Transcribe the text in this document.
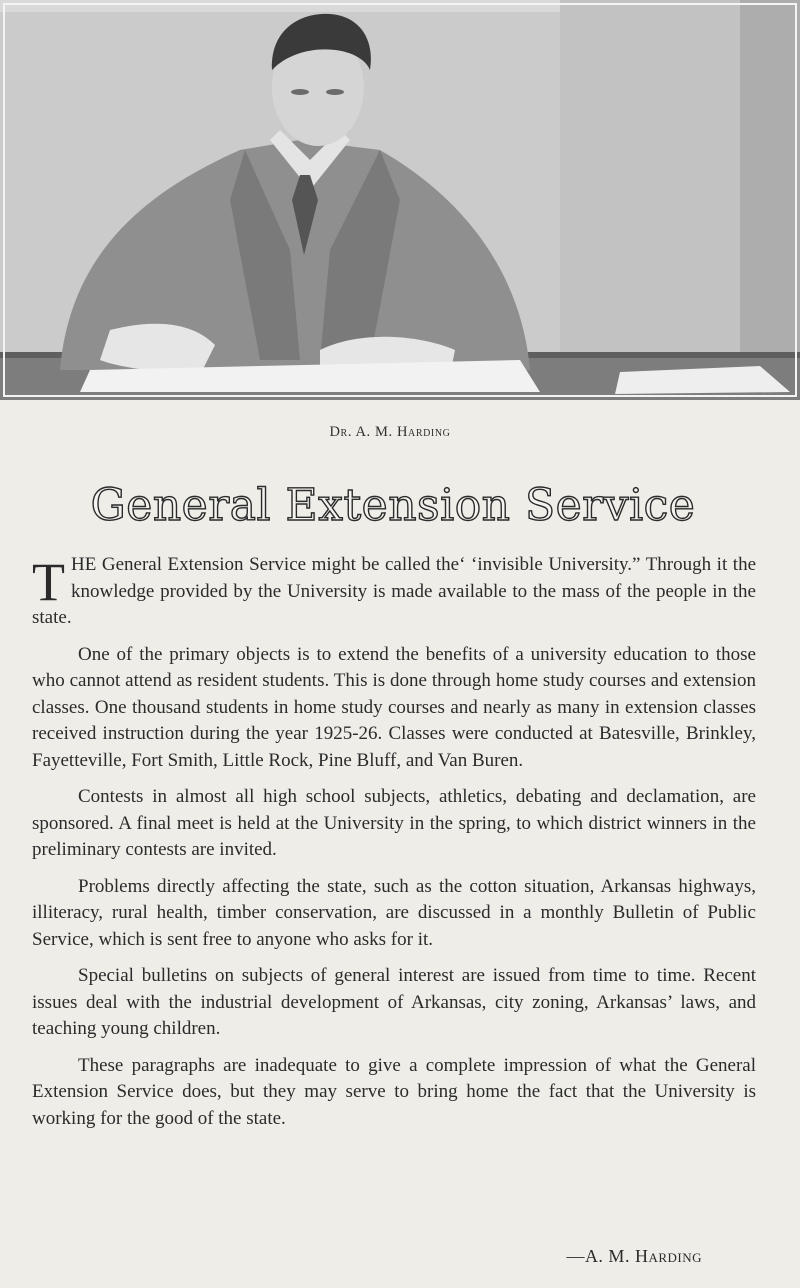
Dr. A. M. Harding
General Extension Service

THE General Extension Service might be called the‘ ‘invisible University.” Through it the knowledge provided by the University is made available to the mass of the people in the state.

One of the primary objects is to extend the benefits of a university education to those who cannot attend as resident students. This is done through home study courses and extension classes. One thousand students in home study courses and nearly as many in extension classes received instruction during the year 1925-26. Classes were conducted at Batesville, Brinkley, Fayetteville, Fort Smith, Little Rock, Pine Bluff, and Van Buren.

Contests in almost all high school subjects, athletics, debating and declamation, are sponsored. A final meet is held at the University in the spring, to which district winners in the preliminary contests are invited.

Problems directly affecting the state, such as the cotton situation, Arkansas highways, illiteracy, rural health, timber conservation, are discussed in a monthly Bulletin of Public Service, which is sent free to anyone who asks for it.

Special bulletins on subjects of general interest are issued from time to time. Recent issues deal with the industrial development of Arkansas, city zoning, Arkansas’ laws, and teaching young children.

These paragraphs are inadequate to give a complete impression of what the General Extension Service does, but they may serve to bring home the fact that the University is working for the good of the state.

—A. M. Harding
